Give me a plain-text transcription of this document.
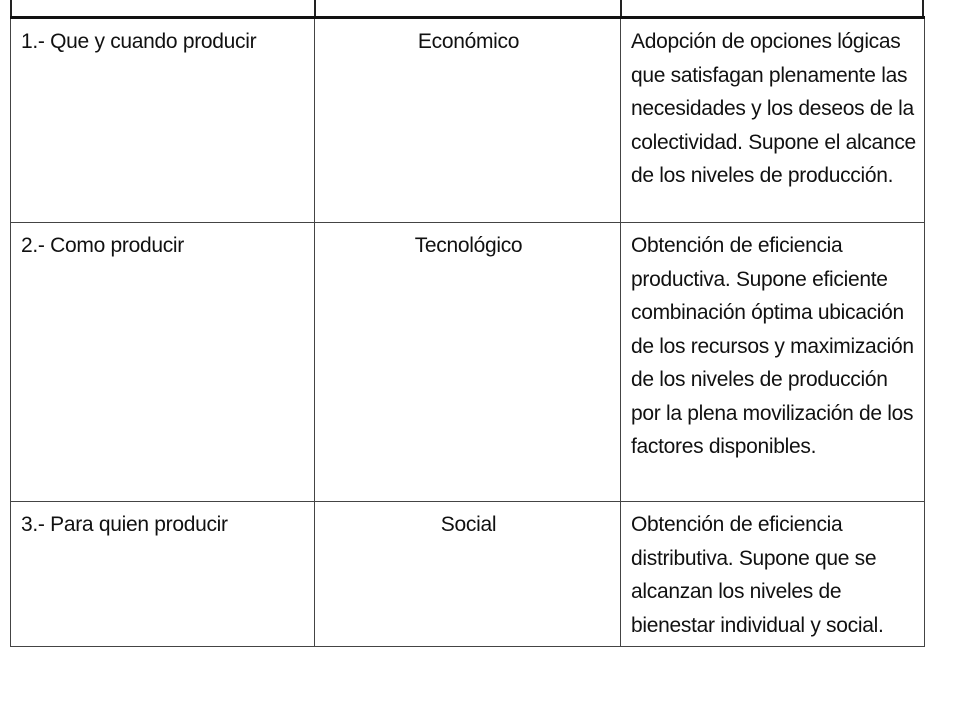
1.- Que y cuando producir	Económico	Adopción de opciones lógicas que satisfagan plenamente las necesidades y los deseos de la colectividad. Supone el alcance de los niveles de producción.
2.- Como producir	Tecnológico	Obtención de eficiencia productiva. Supone eficiente combinación óptima ubicación de los recursos y maximización de los niveles de producción por la plena movilización de los factores disponibles.
3.- Para quien producir	Social	Obtención de eficiencia distributiva. Supone que se alcanzan los niveles de bienestar individual y social.
